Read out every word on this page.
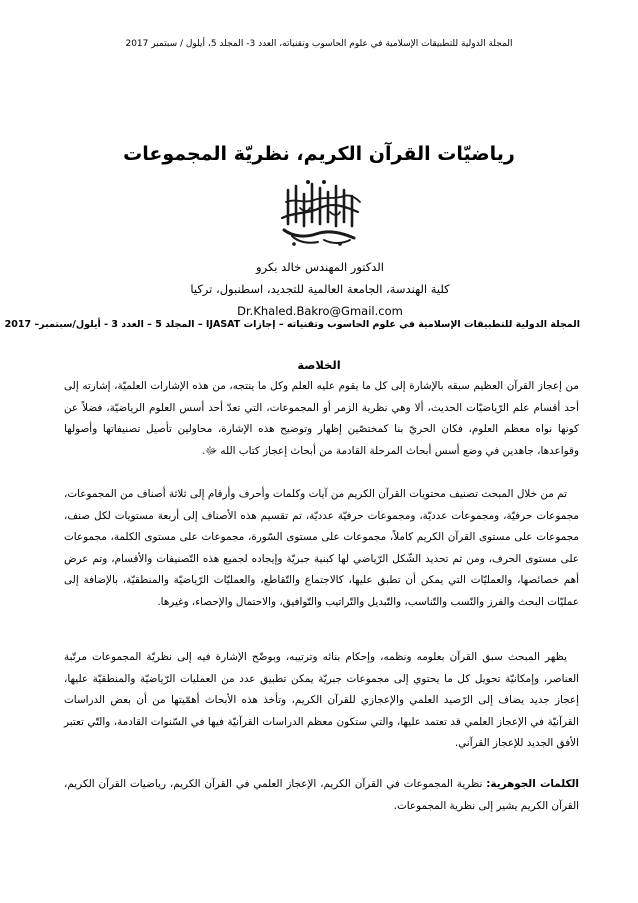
المجلة الدولية للتطبيقات الإسلامية في علوم الحاسوب وتقنياته، العدد 3- المجلد 5، أيلول / سبتمبر 2017
رياضيّات القرآن الكريم، نظريّة المجموعات
الدكتور المهندس خالد بكرو
كلية الهندسة، الجامعة العالمية للتجديد، اسطنبول، تركيا
Dr.Khaled.Bakro@Gmail.com
المجلة الدولية للتطبيقات الإسلامية في علوم الحاسوب وتقنياته – إجازات IJASAT – المجلد 5 – العدد 3 - أيلول/سبتمبر– 2017
الخلاصة

من إعجاز القرآن العظيم سبقه بالإشارة إلى كل ما يقوم عليه العلم وكل ما ينتجه، من هذه الإشارات العلميّة، إشارته إلى أحد أقسام علم الرّياضيّات الحديث، ألا وهي نظرية الزمر أو المجموعات، التي تعدّ أحد أسس العلوم الرياضيّة، فضلاً عن كونها نواه معظم العلوم، فكان الحريّ بنا كمختصّين إظهار وتوضيح هذه الإشارة، محاولين تأصيل تصنيفاتها وأصولها وقواعدها، جاهدين في وضع أسس أبحاث المرحلة القادمة من أبحاث إعجاز كتاب الله ﷻ.

تم من خلال المبحث تصنيف محتويات القرآن الكريم من آيات وكلمات وأحرف وأرقام إلى ثلاثة أصناف من المجموعات، مجموعات حرفيّة، ومجموعات عدديّة، ومجموعات حرفيّة عدديّة، تم تقسيم هذه الأصناف إلى أربعة مستويات لكل صنف، مجموعات على مستوى القرآن الكريم كاملاً، مجموعات على مستوى السّورة، مجموعات على مستوى الكلمة، مجموعات على مستوى الحرف، ومن ثم تحديد الشّكل الرّياضي لها كبنية جبريّة وإيجاده لجميع هذه التّصنيفات والأقسام، وتم عرض أهم خصائصها، والعمليّات التي يمكن أن تطبق عليها، كالاجتماع والتّقاطع، والعمليّات الرّياضيّة والمنطقيّة، بالإضافة إلى عمليّات البحث والفرز والنّسب والتّناسب، والتّبديل والتّراتيب والتّوافيق، والاحتمال والإحصاء، وغيرها.

يظهر المبحث سبق القرآن بعلومه ونظمه، وإحكام بنائه وترتيبه، وبوضّح الإشارة فيه إلى نظريّة المجموعات مرتّبة العناصر، وإمكانيّة تحويل كل ما يحتوي إلى مجموعات جبريّة يمكن تطبيق عدد من العمليات الرّياضيّة والمنطقيّة عليها، إعجاز جديد يضاف إلى الرّصيد العلمي والإعجازي للقرآن الكريم، وتأخذ هذه الأبحاث أهمّيتها من أن بعض الدراسات القرآنيّة في الإعجاز العلمي قد تعتمد عليها، والتي ستكون معظم الدراسات القرآنيّة فيها في السّنوات القادمة، والتّي تعتبر الأفق الجديد للإعجاز القرآني.

الكلمات الجوهرية: نظرية المجموعات في القرآن الكريم، الإعجاز العلمي في القرآن الكريم، رياضيات القرآن الكريم، القرآن الكريم يشير إلى نظرية المجموعات.
